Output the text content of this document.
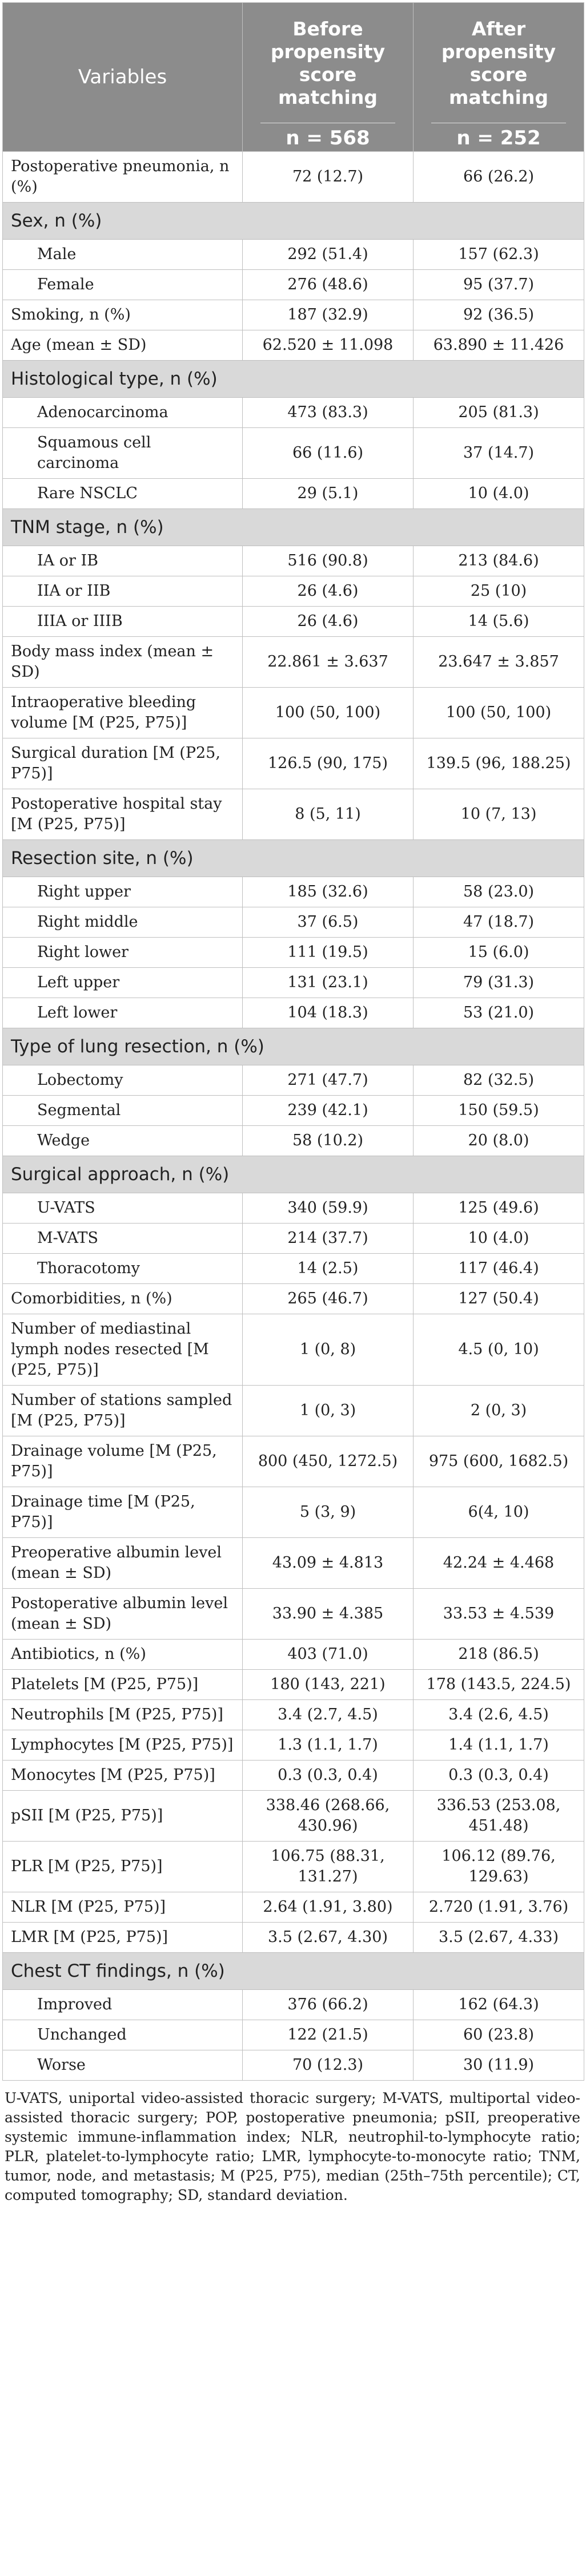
Variables	Before propensity score matching	After propensity score matching

	n = 568	n = 252

Postoperative pneumonia, n (%)	72 (12.7)	66 (26.2)
Sex, n (%)		
Male	292 (51.4)	157 (62.3)
Female	276 (48.6)	95 (37.7)
Smoking, n (%)	187 (32.9)	92 (36.5)
Age (mean ± SD)	62.520 ± 11.098	63.890 ± 11.426
Histological type, n (%)		
Adenocarcinoma	473 (83.3)	205 (81.3)
Squamous cell carcinoma	66 (11.6)	37 (14.7)
Rare NSCLC	29 (5.1)	10 (4.0)
TNM stage, n (%)		
IA or IB	516 (90.8)	213 (84.6)
IIA or IIB	26 (4.6)	25 (10)
IIIA or IIIB	26 (4.6)	14 (5.6)
Body mass index (mean ± SD)	22.861 ± 3.637	23.647 ± 3.857
Intraoperative bleeding volume [M (P25, P75)]	100 (50, 100)	100 (50, 100)
Surgical duration [M (P25, P75)]	126.5 (90, 175)	139.5 (96, 188.25)
Postoperative hospital stay [M (P25, P75)]	8 (5, 11)	10 (7, 13)
Resection site, n (%)		
Right upper	185 (32.6)	58 (23.0)
Right middle	37 (6.5)	47 (18.7)
Right lower	111 (19.5)	15 (6.0)
Left upper	131 (23.1)	79 (31.3)
Left lower	104 (18.3)	53 (21.0)
Type of lung resection, n (%)		
Lobectomy	271 (47.7)	82 (32.5)
Segmental	239 (42.1)	150 (59.5)
Wedge	58 (10.2)	20 (8.0)
Surgical approach, n (%)		
U-VATS	340 (59.9)	125 (49.6)
M-VATS	214 (37.7)	10 (4.0)
Thoracotomy	14 (2.5)	117 (46.4)
Comorbidities, n (%)	265 (46.7)	127 (50.4)
Number of mediastinal lymph nodes resected [M (P25, P75)]	1 (0, 8)	4.5 (0, 10)
Number of stations sampled [M (P25, P75)]	1 (0, 3)	2 (0, 3)
Drainage volume [M (P25, P75)]	800 (450, 1272.5)	975 (600, 1682.5)
Drainage time [M (P25, P75)]	5 (3, 9)	6(4, 10)
Preoperative albumin level (mean ± SD)	43.09 ± 4.813	42.24 ± 4.468
Postoperative albumin level (mean ± SD)	33.90 ± 4.385	33.53 ± 4.539
Antibiotics, n (%)	403 (71.0)	218 (86.5)
Platelets [M (P25, P75)]	180 (143, 221)	178 (143.5, 224.5)
Neutrophils [M (P25, P75)]	3.4 (2.7, 4.5)	3.4 (2.6, 4.5)
Lymphocytes [M (P25, P75)]	1.3 (1.1, 1.7)	1.4 (1.1, 1.7)
Monocytes [M (P25, P75)]	0.3 (0.3, 0.4)	0.3 (0.3, 0.4)
pSII [M (P25, P75)]	338.46 (268.66, 430.96)	336.53 (253.08, 451.48)
PLR [M (P25, P75)]	106.75 (88.31, 131.27)	106.12 (89.76, 129.63)
NLR [M (P25, P75)]	2.64 (1.91, 3.80)	2.720 (1.91, 3.76)
LMR [M (P25, P75)]	3.5 (2.67, 4.30)	3.5 (2.67, 4.33)
Chest CT findings, n (%)		
Improved	376 (66.2)	162 (64.3)
Unchanged	122 (21.5)	60 (23.8)
Worse	70 (12.3)	30 (11.9)
U-VATS, uniportal video-assisted thoracic surgery; M-VATS, multiportal video-assisted thoracic surgery; POP, postoperative pneumonia; pSII, preoperative systemic immune-inflammation index; NLR, neutrophil-to-lymphocyte ratio; PLR, platelet-to-lymphocyte ratio; LMR, lymphocyte-to-monocyte ratio; TNM, tumor, node, and metastasis; M (P25, P75), median (25th–75th percentile); CT, computed tomography; SD, standard deviation.
